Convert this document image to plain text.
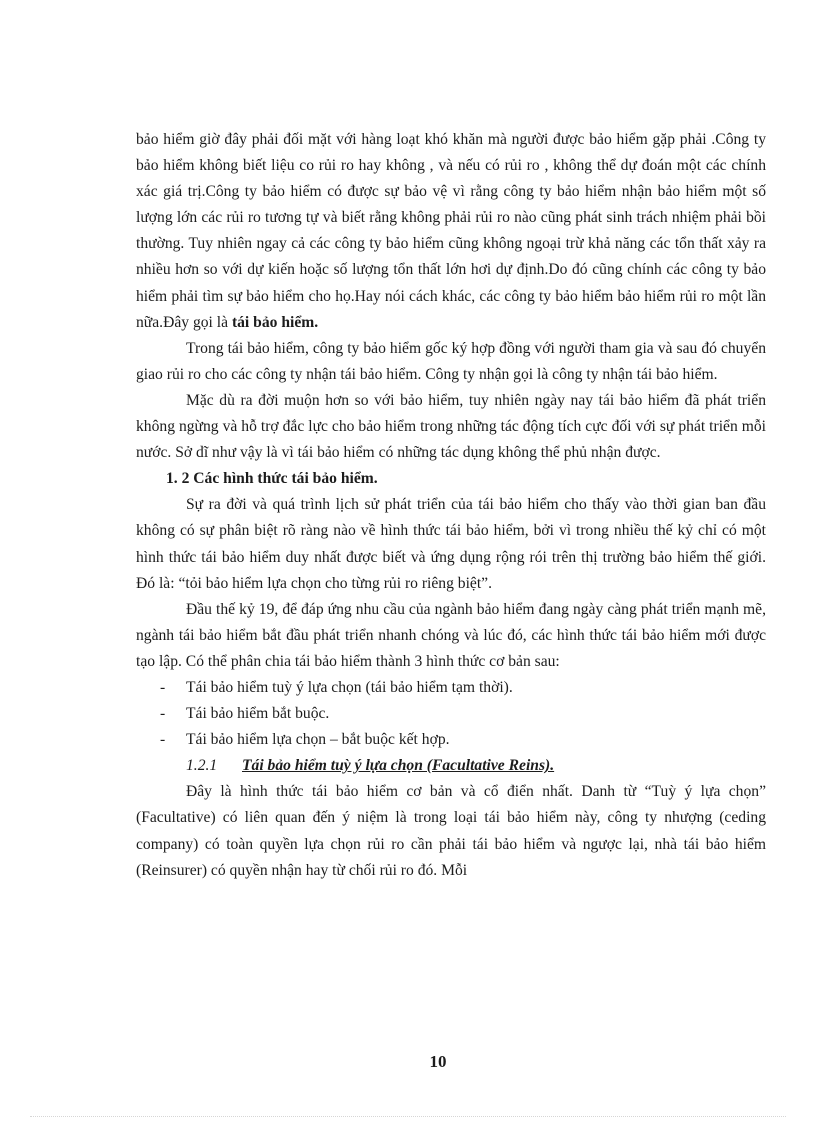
bảo hiểm giờ đây phải đối mặt với hàng loạt khó khăn mà người được bảo hiểm gặp phải .Công ty bảo hiểm không biết liệu co rủi ro hay không , và nếu có rủi ro , không thể dự đoán một các chính xác giá trị.Công ty bảo hiểm có được sự bảo vệ vì rằng công ty bảo hiểm nhận bảo hiểm một số lượng lớn các rủi ro tương tự và biết rằng không phải rủi ro nào cũng phát sinh trách nhiệm phải bồi thường. Tuy nhiên ngay cả các công ty bảo hiểm cũng không ngoại trừ khả năng các tổn thất xảy ra nhiều hơn so với dự kiến hoặc số lượng tổn thất lớn hơi dự định.Do đó cũng chính các công ty bảo hiểm phải tìm sự bảo hiểm cho họ.Hay nói cách khác, các công ty bảo hiểm bảo hiểm rủi ro một lần nữa.Đây gọi là tái bảo hiểm.

Trong tái bảo hiểm, công ty bảo hiểm gốc ký hợp đồng với người tham gia và sau đó chuyển giao rủi ro cho các công ty nhận tái bảo hiểm. Công ty nhận gọi là công ty nhận tái bảo hiểm.

Mặc dù ra đời muộn hơn so với bảo hiểm, tuy nhiên ngày nay tái bảo hiểm đã phát triển không ngừng và hỗ trợ đắc lực cho bảo hiểm trong những tác động tích cực đối với sự phát triển mỗi nước. Sở dĩ như vậy là vì tái bảo hiểm có những tác dụng không thể phủ nhận được.

1. 2 Các hình thức tái bảo hiểm.

Sự ra đời và quá trình lịch sử phát triển của tái bảo hiểm cho thấy vào thời gian ban đầu không có sự phân biệt rõ ràng nào về hình thức tái bảo hiểm, bởi vì trong nhiều thế kỷ chỉ có một hình thức tái bảo hiểm duy nhất được biết và ứng dụng rộng rói trên thị trường bảo hiểm thế giới. Đó là: “tỏi bảo hiểm lựa chọn cho từng rủi ro riêng biệt”.

Đầu thế kỷ 19, để đáp ứng nhu cầu của ngành bảo hiểm đang ngày càng phát triển mạnh mẽ, ngành tái bảo hiểm bắt đầu phát triển nhanh chóng và lúc đó, các hình thức tái bảo hiểm mới được tạo lập. Có thể phân chia tái bảo hiểm thành 3 hình thức cơ bản sau:

- Tái bảo hiểm tuỳ ý lựa chọn (tái bảo hiểm tạm thời).
- Tái bảo hiểm bắt buộc.
- Tái bảo hiểm lựa chọn – bắt buộc kết hợp.

1.2.1 Tái bảo hiểm tuỳ ý lựa chọn (Facultative Reins).

Đây là hình thức tái bảo hiểm cơ bản và cổ điển nhất. Danh từ “Tuỳ ý lựa chọn” (Facultative) có liên quan đến ý niệm là trong loại tái bảo hiểm này, công ty nhượng (ceding company) có toàn quyền lựa chọn rủi ro cần phải tái bảo hiểm và ngược lại, nhà tái bảo hiểm (Reinsurer) có quyền nhận hay từ chối rủi ro đó. Mỗi

10
